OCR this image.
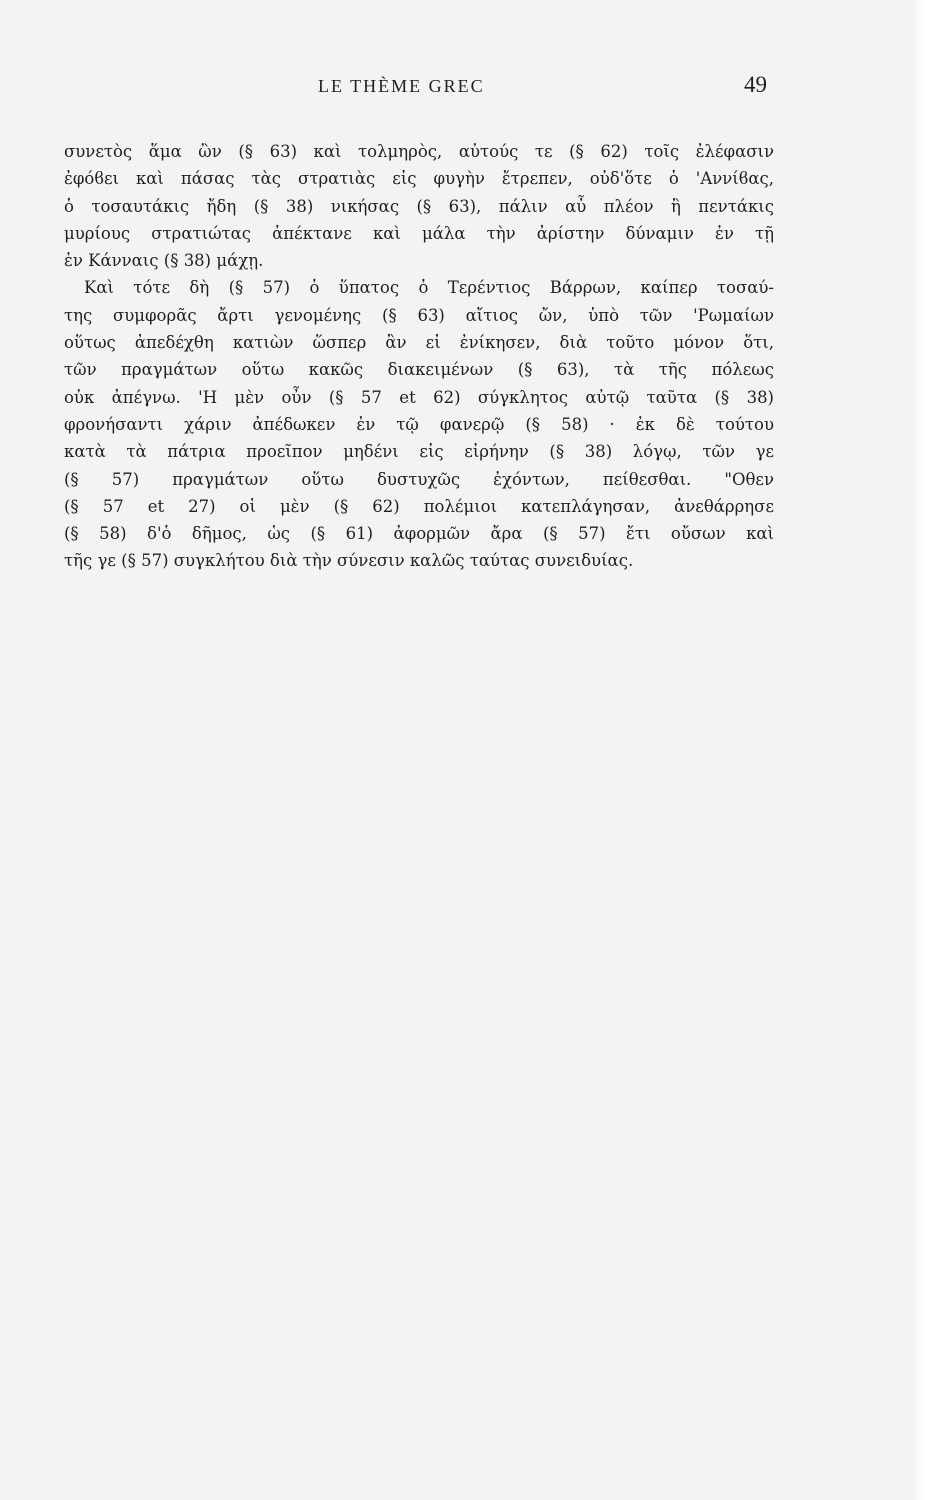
LE THÈME GREC	49
συνετὸς ἅμα ὢν (§ 63) καὶ τολμηρὸς, αὐτούς τε (§ 62) τοῖς ἐλέφασιν
ἐφόϐει καὶ πάσας τὰς στρατιὰς εἰς φυγὴν ἔτρεπεν, οὐδ'ὅτε ὁ 'Αννίϐας,
ὁ τοσαυτάκις ἤδη (§ 38) νικήσας (§ 63), πάλιν αὖ πλέον ἢ πεντάκις
μυρίους στρατιώτας ἀπέκτανε καὶ μάλα τὴν ἀρίστην δύναμιν ἐν τῇ
ἐν Κάνναις (§ 38) μάχῃ.
Καὶ τότε δὴ (§ 57) ὁ ὕπατος ὁ Τερέντιος Βάρρων, καίπερ τοσαύ-
της συμφορᾶς ἄρτι γενομένης (§ 63) αἴτιος ὤν, ὑπὸ τῶν 'Ρωμαίων
οὕτως ἀπεδέχθη κατιὼν ὥσπερ ἂν εἰ ἐνίκησεν, διὰ τοῦτο μόνον ὅτι,
τῶν πραγμάτων οὕτω κακῶς διακειμένων (§ 63), τὰ τῆς πόλεως
οὐκ ἀπέγνω. 'Η μὲν οὖν (§ 57 et 62) σύγκλητος αὐτῷ ταῦτα (§ 38)
φρονήσαντι χάριν ἀπέδωκεν ἐν τῷ φανερῷ (§ 58) · ἐκ δὲ τούτου
κατὰ τὰ πάτρια προεῖπον μηδένι εἰς εἰρήνην (§ 38) λόγῳ, τῶν γε
(§ 57) πραγμάτων οὕτω δυστυχῶς ἐχόντων, πείθεσθαι. "Οθεν
(§ 57 et 27) οἱ μὲν (§ 62) πολέμιοι κατεπλάγησαν, ἀνεθάρρησε
(§ 58) δ'ὁ δῆμος, ὡς (§ 61) ἀφορμῶν ἄρα (§ 57) ἔτι οὔσων καὶ
τῆς γε (§ 57) συγκλήτου διὰ τὴν σύνεσιν καλῶς ταύτας συνειδυίας.
